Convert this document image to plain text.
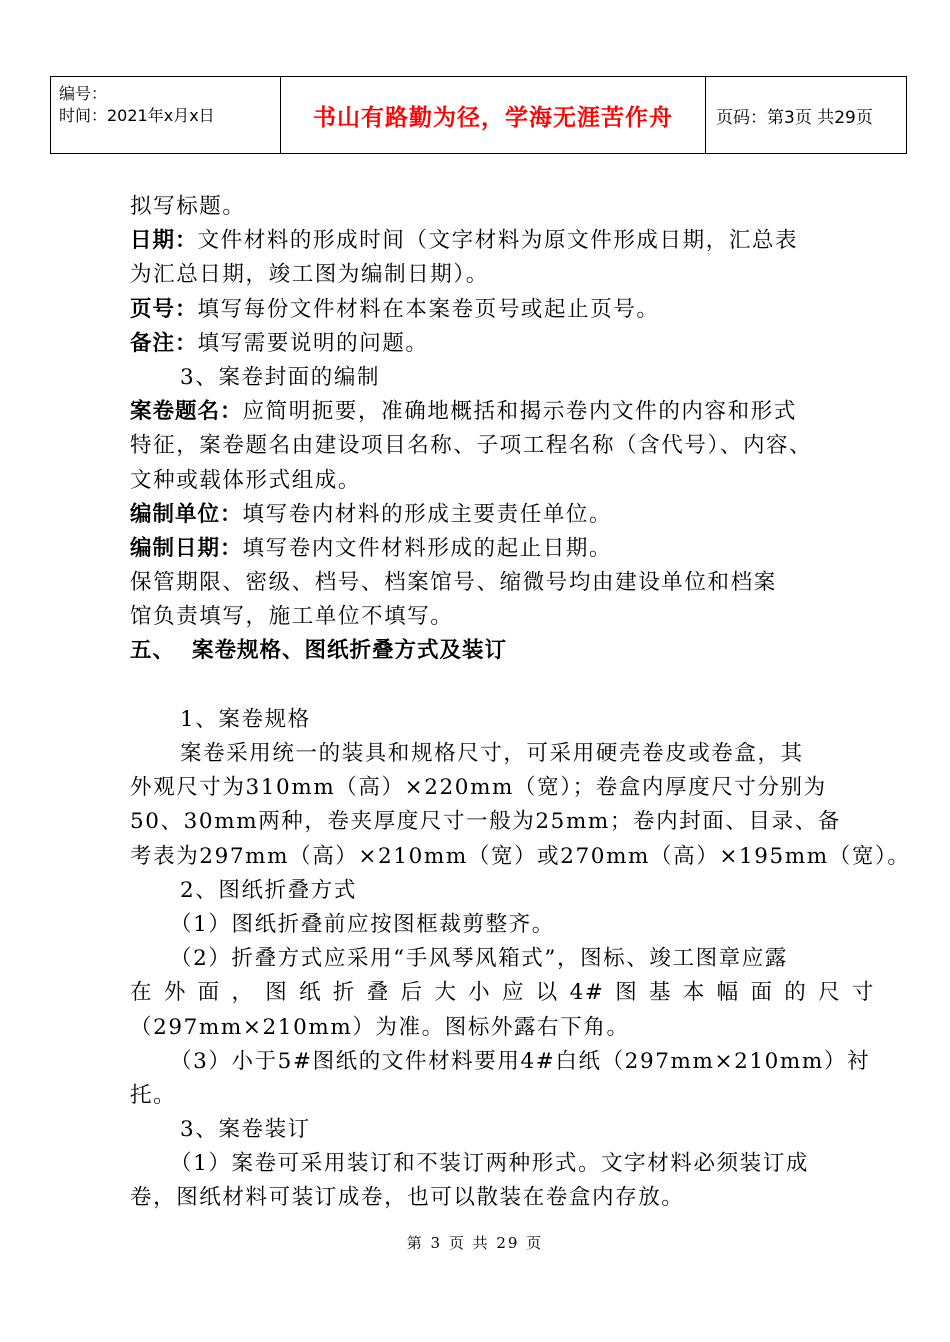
编号：
时间：2021年x月x日	书山有路勤为径，学海无涯苦作舟	页码：第3页 共29页
拟写标题。
日期：文件材料的形成时间（文字材料为原文件形成日期，汇总表
为汇总日期，竣工图为编制日期）。
页号：填写每份文件材料在本案卷页号或起止页号。
备注：填写需要说明的问题。
3、案卷封面的编制
案卷题名：应简明扼要，准确地概括和揭示卷内文件的内容和形式
特征，案卷题名由建设项目名称、子项工程名称（含代号）、内容、
文种或载体形式组成。
编制单位：填写卷内材料的形成主要责任单位。
编制日期：填写卷内文件材料形成的起止日期。
保管期限、密级、档号、档案馆号、缩微号均由建设单位和档案
馆负责填写，施工单位不填写。
五、 案卷规格、图纸折叠方式及装订
1、案卷规格
案卷采用统一的装具和规格尺寸，可采用硬壳卷皮或卷盒，其
外观尺寸为310mm（高）×220mm（宽）；卷盒内厚度尺寸分别为
50、30mm两种，卷夹厚度尺寸一般为25mm；卷内封面、目录、备
考表为297mm（高）×210mm（宽）或270mm（高）×195mm（宽）。
2、图纸折叠方式
（1）图纸折叠前应按图框裁剪整齐。
（2）折叠方式应采用“手风琴风箱式”，图标、竣工图章应露
在外面，图纸折叠后大小应以4#图基本幅面的尺寸
（297mm×210mm）为准。图标外露右下角。
（3）小于5#图纸的文件材料要用4#白纸（297mm×210mm）衬
托。
3、案卷装订
（1）案卷可采用装订和不装订两种形式。文字材料必须装订成
卷，图纸材料可装订成卷，也可以散装在卷盒内存放。
第 3 页 共 29 页
